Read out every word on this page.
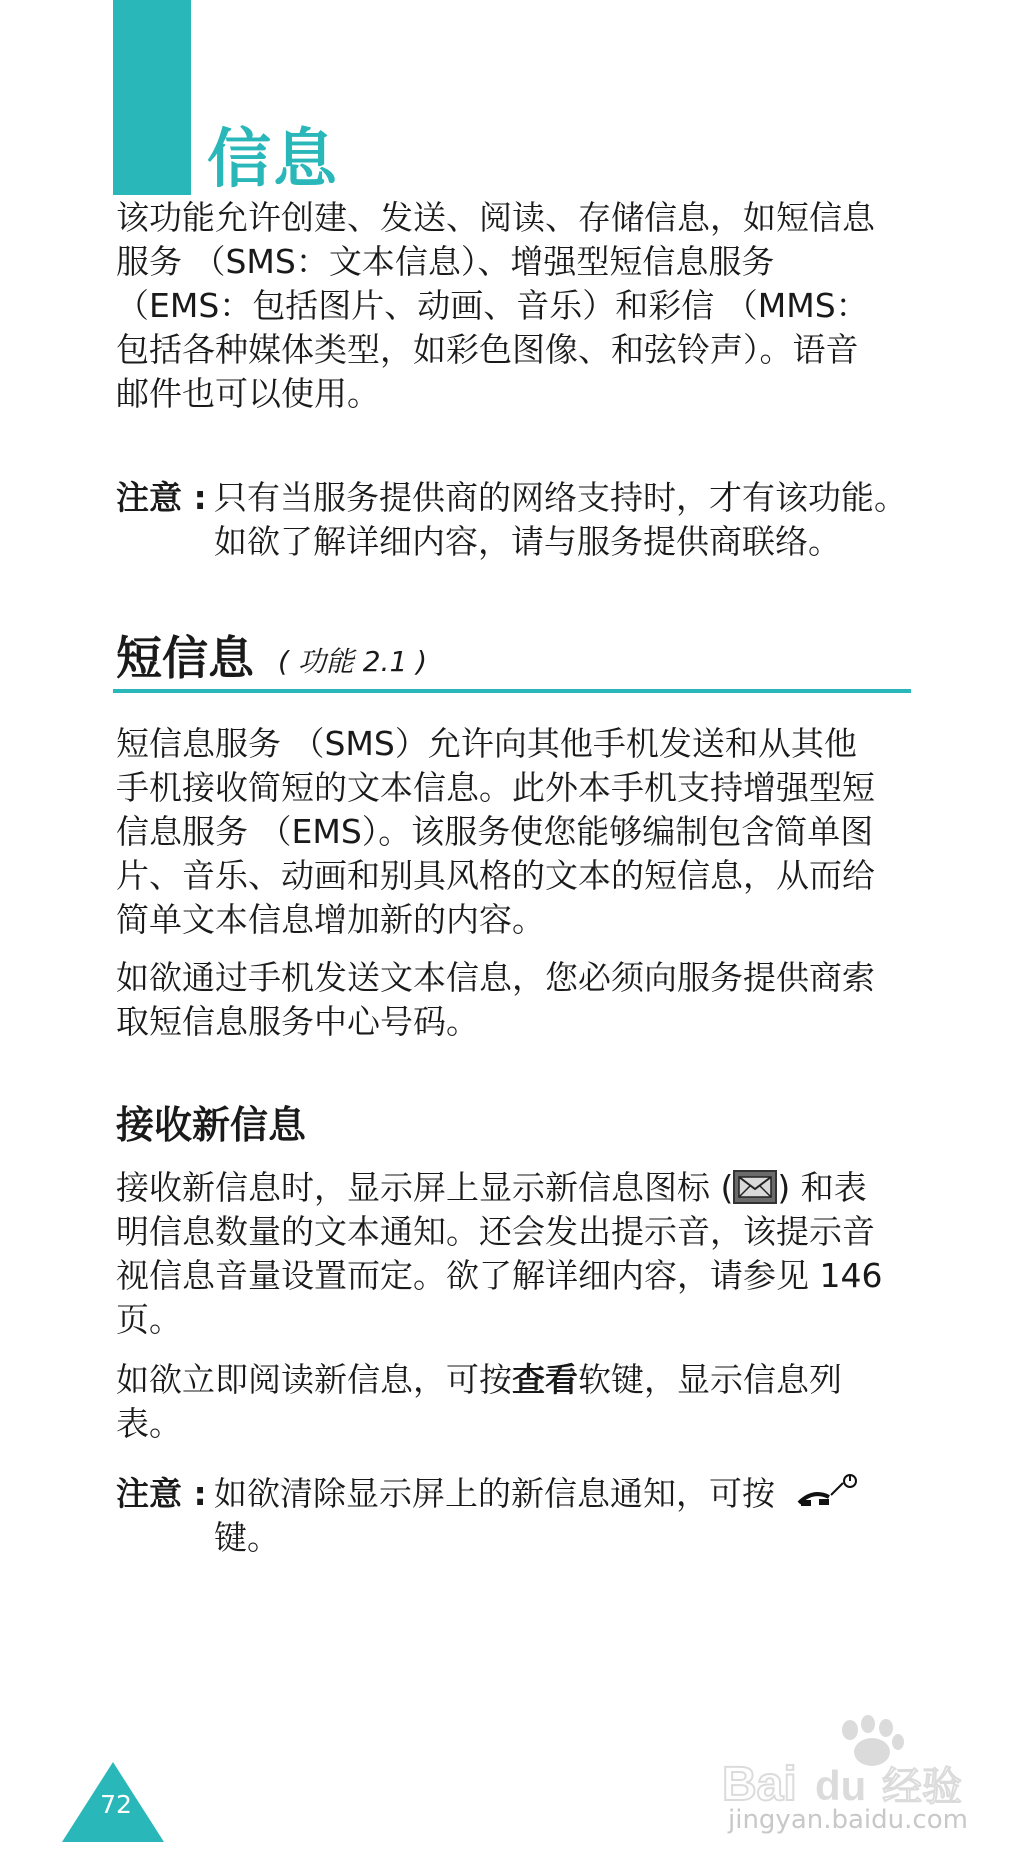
信息
该功能允许创建、发送、阅读、存储信息，如短信息
服务 （SMS：文本信息）、增强型短信息服务
（EMS：包括图片、动画、音乐）和彩信 （MMS：
包括各种媒体类型，如彩色图像、和弦铃声）。语音
邮件也可以使用。
注意 : 只有当服务提供商的网络支持时，才有该功能。
如欲了解详细内容，请与服务提供商联络。
短信息 ( 功能 2.1 )
短信息服务 （SMS）允许向其他手机发送和从其他
手机接收简短的文本信息。此外本手机支持增强型短
信息服务 （EMS）。该服务使您能够编制包含简单图
片、音乐、动画和别具风格的文本的短信息，从而给
简单文本信息增加新的内容。
如欲通过手机发送文本信息，您必须向服务提供商索
取短信息服务中心号码。
接收新信息
接收新信息时，显示屏上显示新信息图标 ( ) 和表
明信息数量的文本通知。还会发出提示音，该提示音
视信息音量设置而定。欲了解详细内容，请参见 146
页。
如欲立即阅读新信息，可按查看软键，显示信息列
表。
注意 : 如欲清除显示屏上的新信息通知，可按
键。
72	Bai du 经验
jingyan.baidu.com
